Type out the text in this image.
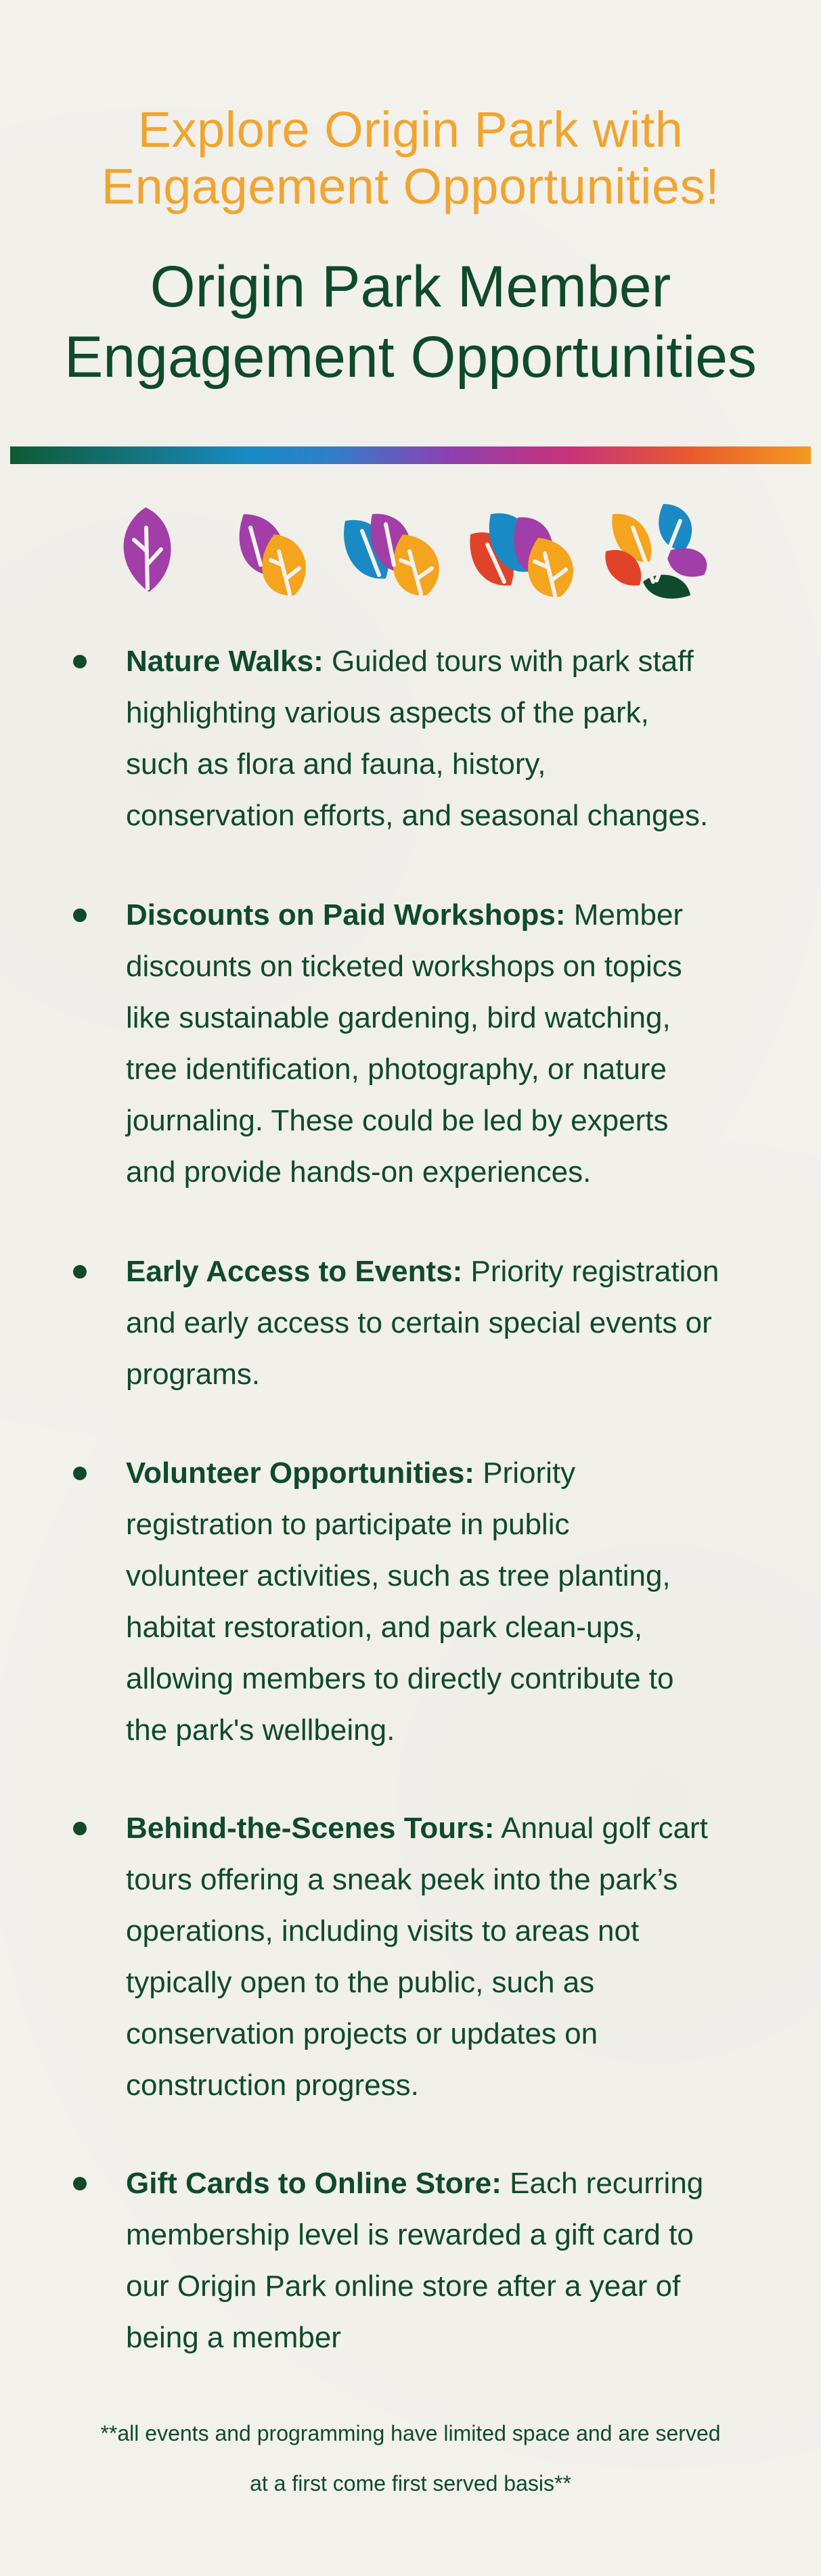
Explore Origin Park with
Engagement Opportunities!
Origin Park Member
Engagement Opportunities
Nature Walks: Guided tours with park staff
highlighting various aspects of the park,
such as flora and fauna, history,
conservation efforts, and seasonal changes.
Discounts on Paid Workshops: Member
discounts on ticketed workshops on topics
like sustainable gardening, bird watching,
tree identification, photography, or nature
journaling. These could be led by experts
and provide hands-on experiences.
Early Access to Events: Priority registration
and early access to certain special events or
programs.
Volunteer Opportunities: Priority
registration to participate in public
volunteer activities, such as tree planting,
habitat restoration, and park clean-ups,
allowing members to directly contribute to
the park's wellbeing.
Behind-the-Scenes Tours: Annual golf cart
tours offering a sneak peek into the park’s
operations, including visits to areas not
typically open to the public, such as
conservation projects or updates on
construction progress.
Gift Cards to Online Store: Each recurring
membership level is rewarded a gift card to
our Origin Park online store after a year of
being a member
**all events and programming have limited space and are served
at a first come first served basis**
